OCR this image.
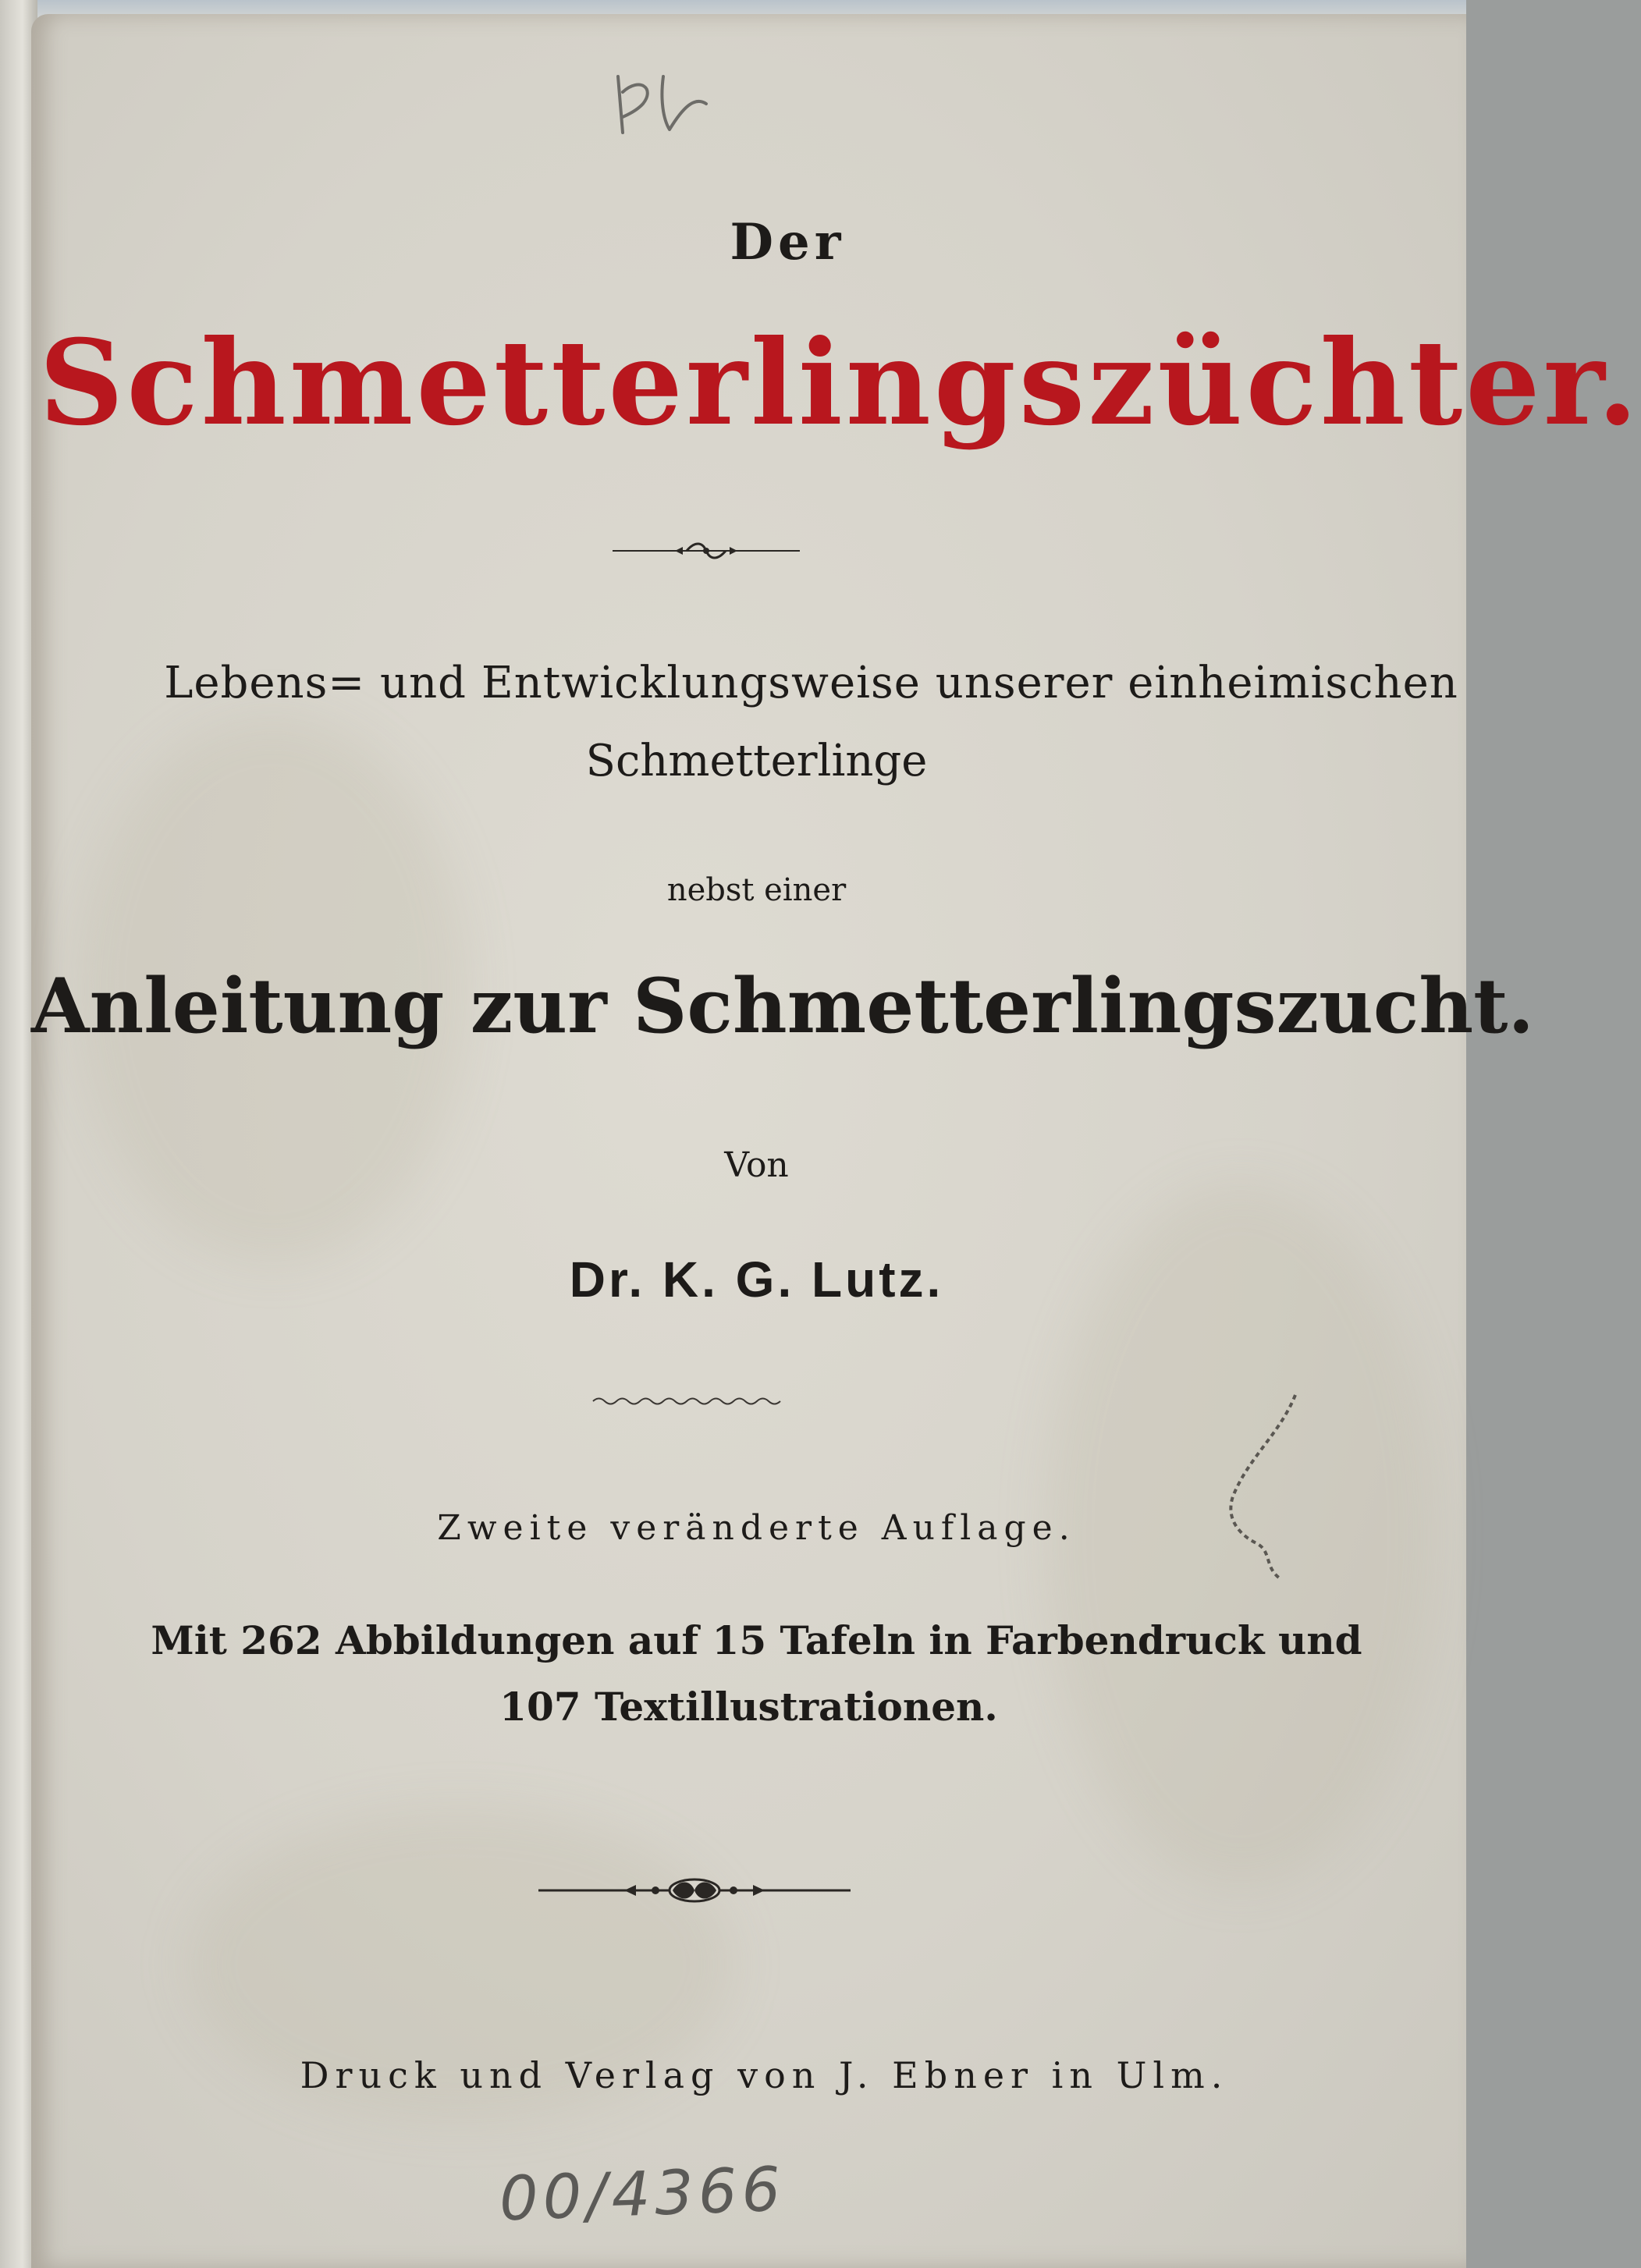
Der
Schmetterlingszüchter.
Lebens= und Entwicklungsweise unserer einheimischen
Schmetterlinge
nebst einer
Anleitung zur Schmetterlingszucht.
Von
Dr. K. G. Lutz.
Zweite veränderte Auflage.
Mit 262 Abbildungen auf 15 Tafeln in Farbendruck und
107 Textillustrationen.
Druck und Verlag von J. Ebner in Ulm.
00/4366
